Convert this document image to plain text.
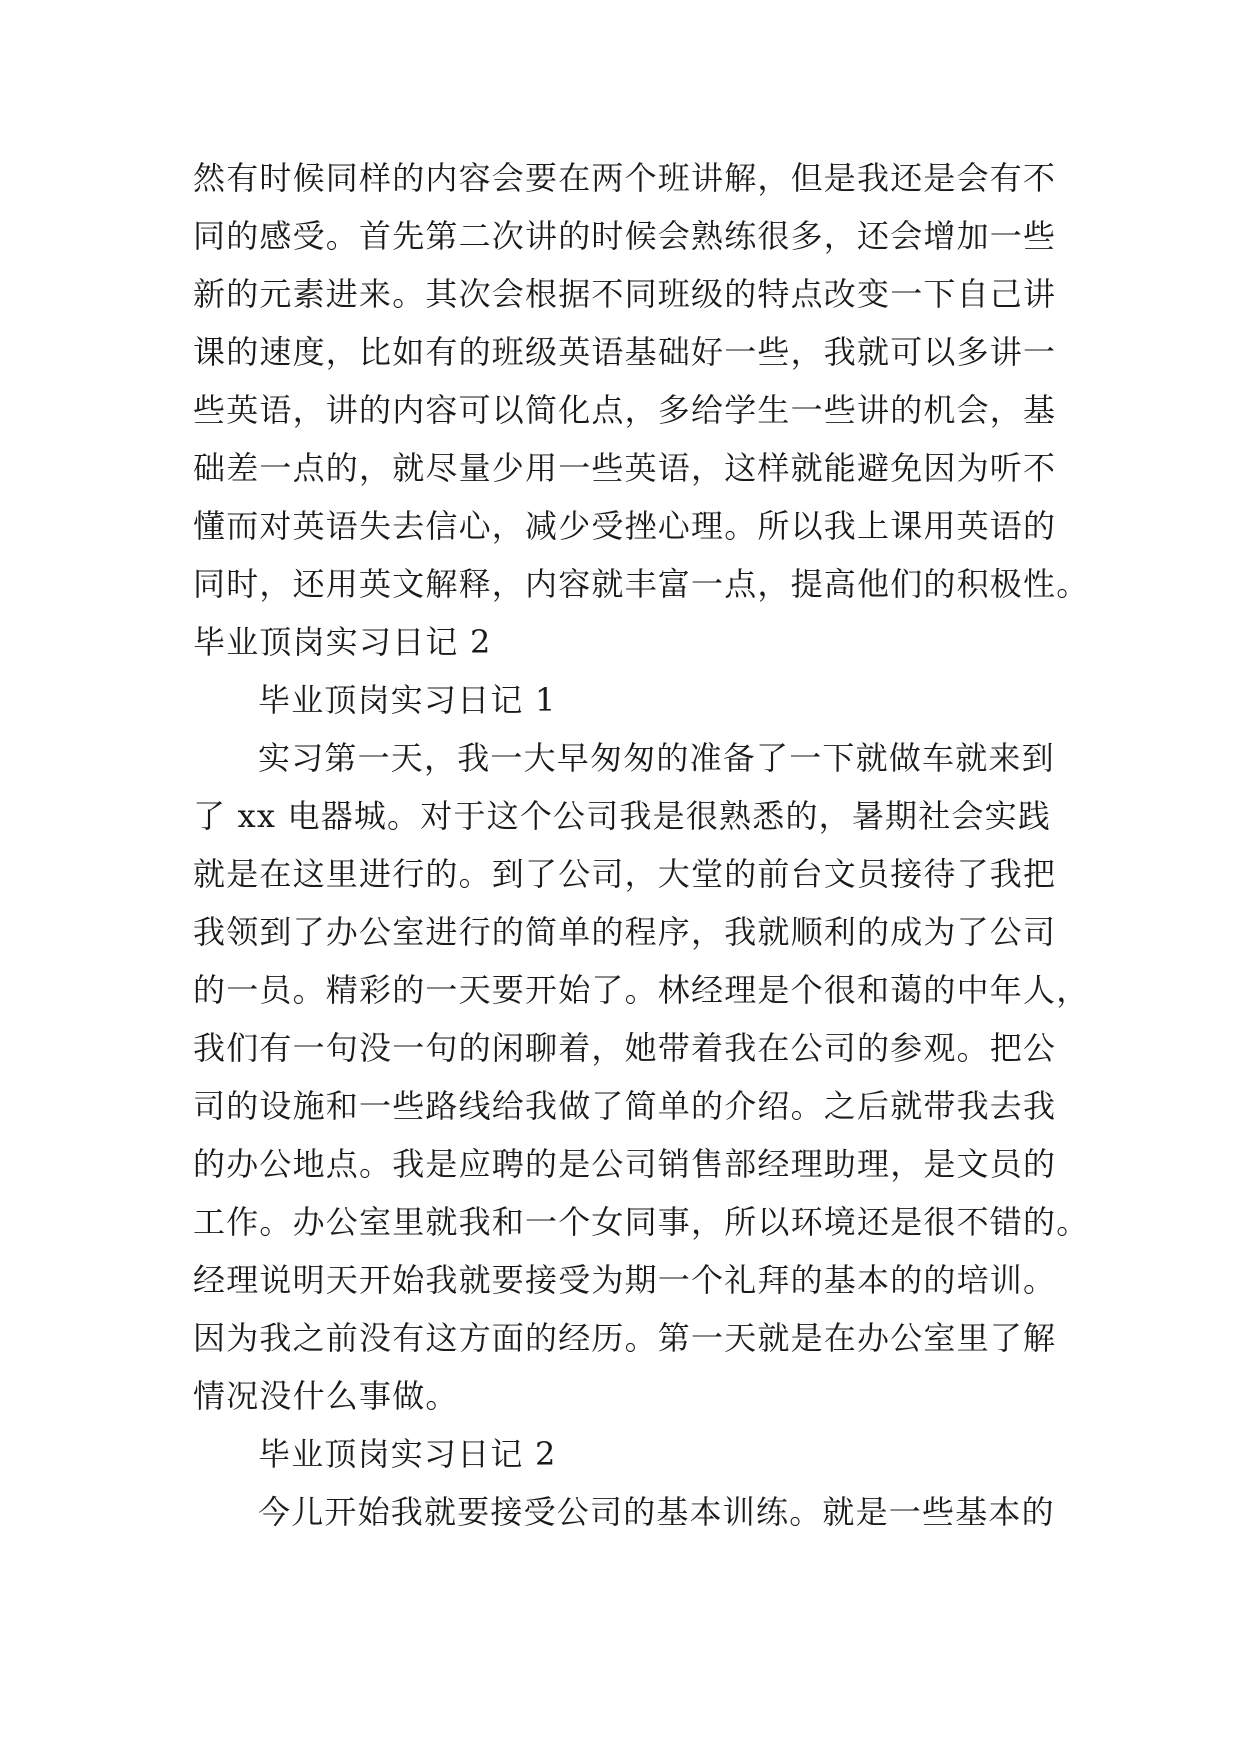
然有时候同样的内容会要在两个班讲解，但是我还是会有不
同的感受。首先第二次讲的时候会熟练很多，还会增加一些
新的元素进来。其次会根据不同班级的特点改变一下自己讲
课的速度，比如有的班级英语基础好一些，我就可以多讲一
些英语，讲的内容可以简化点，多给学生一些讲的机会，基
础差一点的，就尽量少用一些英语，这样就能避免因为听不
懂而对英语失去信心，减少受挫心理。所以我上课用英语的
同时，还用英文解释，内容就丰富一点，提高他们的积极性。
毕业顶岗实习日记 2
毕业顶岗实习日记 1
实习第一天，我一大早匆匆的准备了一下就做车就来到
了 xx 电器城。对于这个公司我是很熟悉的，暑期社会实践
就是在这里进行的。到了公司，大堂的前台文员接待了我把
我领到了办公室进行的简单的程序，我就顺利的成为了公司
的一员。精彩的一天要开始了。林经理是个很和蔼的中年人，
我们有一句没一句的闲聊着，她带着我在公司的参观。把公
司的设施和一些路线给我做了简单的介绍。之后就带我去我
的办公地点。我是应聘的是公司销售部经理助理，是文员的
工作。办公室里就我和一个女同事，所以环境还是很不错的。
经理说明天开始我就要接受为期一个礼拜的基本的的培训。
因为我之前没有这方面的经历。第一天就是在办公室里了解
情况没什么事做。
毕业顶岗实习日记 2
今儿开始我就要接受公司的基本训练。就是一些基本的
